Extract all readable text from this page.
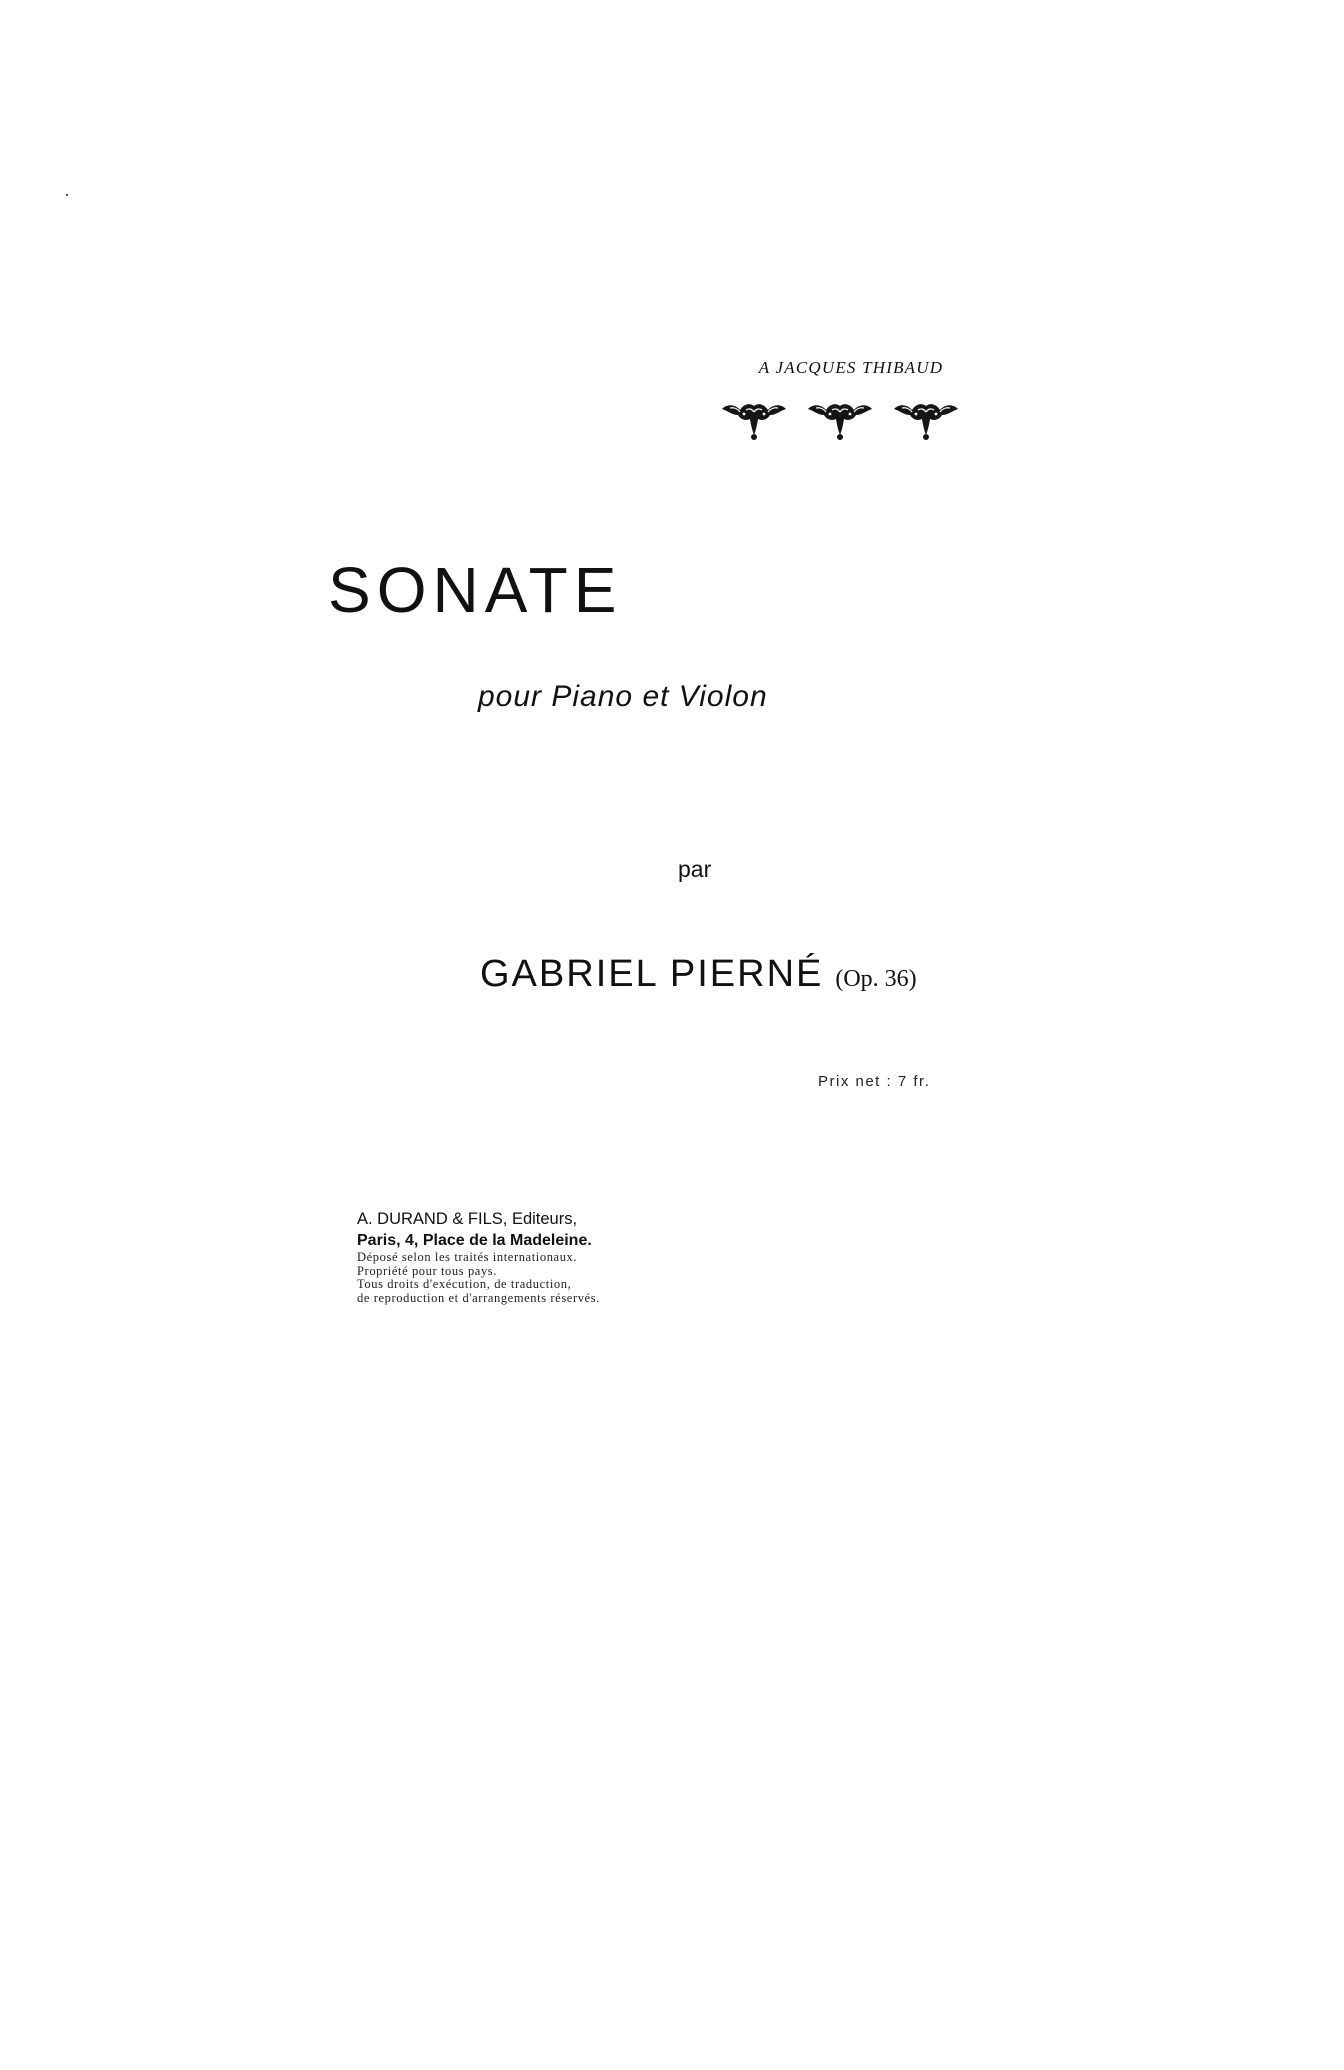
A JACQUES THIBAUD
SONATE
pour Piano et Violon
par
GABRIEL PIERNÉ (Op. 36)
Prix net : 7 fr.
A. DURAND & FILS, Editeurs,
Paris, 4, Place de la Madeleine.
Déposé selon les traités internationaux.
Propriété pour tous pays.
Tous droits d'exécution, de traduction,
de reproduction et d'arrangements réservés.
